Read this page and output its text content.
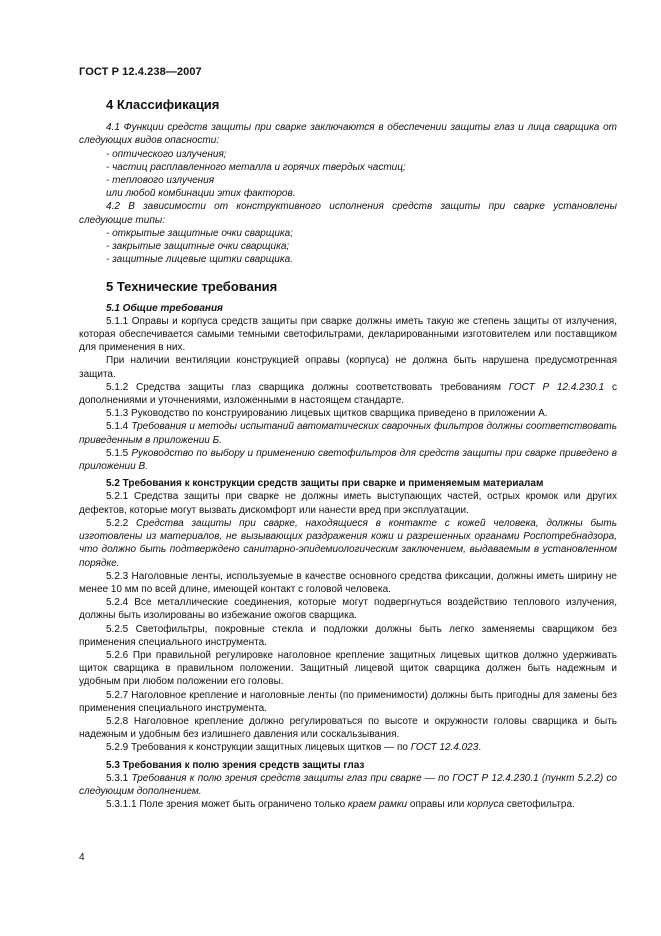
ГОСТ Р 12.4.238—2007
4 Классификация

4.1 Функции средств защиты при сварке заключаются в обеспечении защиты глаз и лица сварщика от следующих видов опасности:

- оптического излучения;
- частиц расплавленного металла и горячих твердых частиц;
- теплового излучения
или любой комбинации этих факторов.

4.2 В зависимости от конструктивного исполнения средств защиты при сварке установлены следующие типы:

- открытые защитные очки сварщика;
- закрытые защитные очки сварщика;
- защитные лицевые щитки сварщика.
5 Технические требования
5.1 Общие требования

5.1.1 Оправы и корпуса средств защиты при сварке должны иметь такую же степень защиты от излучения, которая обеспечивается самыми темными светофильтрами, декларированными изготовителем или поставщиком для применения в них.

При наличии вентиляции конструкцией оправы (корпуса) не должна быть нарушена предусмотренная защита.

5.1.2 Средства защиты глаз сварщика должны соответствовать требованиям ГОСТ Р 12.4.230.1 с дополнениями и уточнениями, изложенными в настоящем стандарте.

5.1.3 Руководство по конструированию лицевых щитков сварщика приведено в приложении А.

5.1.4 Требования и методы испытаний автоматических сварочных фильтров должны соответствовать приведенным в приложении Б.

5.1.5 Руководство по выбору и применению светофильтров для средств защиты при сварке приведено в приложении В.

5.2 Требования к конструкции средств защиты при сварке и применяемым материалам

5.2.1 Средства защиты при сварке не должны иметь выступающих частей, острых кромок или других дефектов, которые могут вызвать дискомфорт или нанести вред при эксплуатации.

5.2.2 Средства защиты при сварке, находящиеся в контакте с кожей человека, должны быть изготовлены из материалов, не вызывающих раздражения кожи и разрешенных органами Роспотребнадзора, что должно быть подтверждено санитарно-эпидемиологическим заключением, выдаваемым в установленном порядке.

5.2.3 Наголовные ленты, используемые в качестве основного средства фиксации, должны иметь ширину не менее 10 мм по всей длине, имеющей контакт с головой человека.

5.2.4 Все металлические соединения, которые могут подвергнуться воздействию теплового излучения, должны быть изолированы во избежание ожогов сварщика.

5.2.5 Светофильтры, покровные стекла и подложки должны быть легко заменяемы сварщиком без применения специального инструмента.

5.2.6 При правильной регулировке наголовное крепление защитных лицевых щитков должно удерживать щиток сварщика в правильном положении. Защитный лицевой щиток сварщика должен быть надежным и удобным при любом положении его головы.

5.2.7 Наголовное крепление и наголовные ленты (по применимости) должны быть пригодны для замены без применения специального инструмента.

5.2.8 Наголовное крепление должно регулироваться по высоте и окружности головы сварщика и быть надежным и удобным без излишнего давления или соскальзывания.

5.2.9 Требования к конструкции защитных лицевых щитков — по ГОСТ 12.4.023.

5.3 Требования к полю зрения средств защиты глаз

5.3.1 Требования к полю зрения средств защиты глаз при сварке — по ГОСТ Р 12.4.230.1 (пункт 5.2.2) со следующим дополнением.

5.3.1.1 Поле зрения может быть ограничено только краем рамки оправы или корпуса светофильтра.

4
